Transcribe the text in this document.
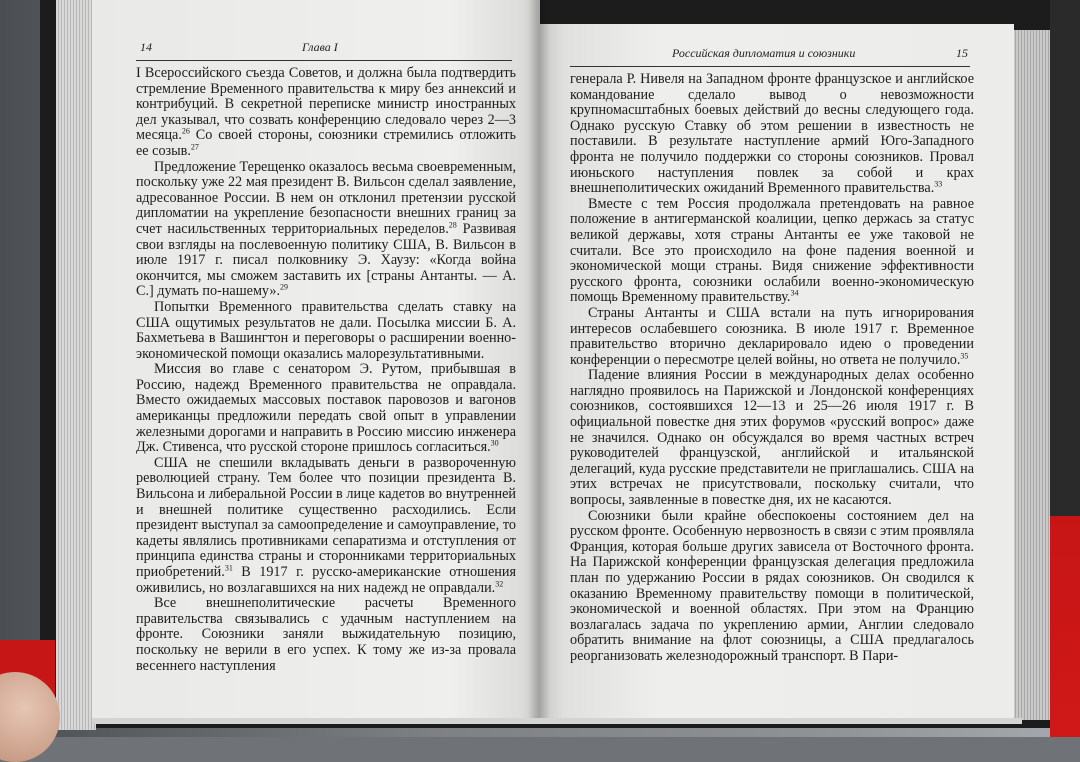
14	Глава I

I Всероссийского съезда Советов, и должна была подтвердить стремление Временного правительства к миру без аннексий и контрибуций. В секретной переписке министр иностранных дел указывал, что созвать конференцию следовало через 2—3 месяца.$^{26}$ Со своей стороны, союзники стремились отложить ее созыв.$^{27}$

Предложение Терещенко оказалось весьма своевременным, поскольку уже 22 мая президент В. Вильсон сделал заявление, адресованное России. В нем он отклонил претензии русской дипломатии на укрепление безопасности внешних границ за счет насильственных территориальных переделов.$^{28}$ Развивая свои взгляды на послевоенную политику США, В. Вильсон в июле 1917 г. писал полковнику Э. Хаузу: «Когда война окончится, мы сможем заставить их [страны Антанты. — А. С.] думать по-нашему».$^{29}$

Попытки Временного правительства сделать ставку на США ощутимых результатов не дали. Посылка миссии Б. А. Бахметьева в Вашингтон и переговоры о расширении военно-экономической помощи оказались малорезультативными.

Миссия во главе с сенатором Э. Рутом, прибывшая в Россию, надежд Временного правительства не оправдала. Вместо ожидаемых массовых поставок паровозов и вагонов американцы предложили передать свой опыт в управлении железными дорогами и направить в Россию миссию инженера Дж. Стивенса, что русской стороне пришлось согласиться.$^{30}$

США не спешили вкладывать деньги в развороченную революцией страну. Тем более что позиции президента В. Вильсона и либеральной России в лице кадетов во внутренней и внешней политике существенно расходились. Если президент выступал за самоопределение и самоуправление, то кадеты являлись противниками сепаратизма и отступления от принципа единства страны и сторонниками территориальных приобретений.$^{31}$ В 1917 г. русско-американские отношения оживились, но возлагавшихся на них надежд не оправдали.$^{32}$

Все внешнеполитические расчеты Временного правительства связывались с удачным наступлением на фронте. Союзники заняли выжидательную позицию, поскольку не верили в его успех. К тому же из-за провала весеннего наступления

Российская дипломатия и союзники	15

генерала Р. Нивеля на Западном фронте французское и английское командование сделало вывод о невозможности крупномасштабных боевых действий до весны следующего года. Однако русскую Ставку об этом решении в известность не поставили. В результате наступление армий Юго-Западного фронта не получило поддержки со стороны союзников. Провал июньского наступления повлек за собой и крах внешнеполитических ожиданий Временного правительства.$^{33}$

Вместе с тем Россия продолжала претендовать на равное положение в антигерманской коалиции, цепко держась за статус великой державы, хотя страны Антанты ее уже таковой не считали. Все это происходило на фоне падения военной и экономической мощи страны. Видя снижение эффективности русского фронта, союзники ослабили военно-экономическую помощь Временному правительству.$^{34}$

Страны Антанты и США встали на путь игнорирования интересов ослабевшего союзника. В июле 1917 г. Временное правительство вторично декларировало идею о проведении конференции о пересмотре целей войны, но ответа не получило.$^{35}$

Падение влияния России в международных делах особенно наглядно проявилось на Парижской и Лондонской конференциях союзников, состоявшихся 12—13 и 25—26 июля 1917 г. В официальной повестке дня этих форумов «русский вопрос» даже не значился. Однако он обсуждался во время частных встреч руководителей французской, английской и итальянской делегаций, куда русские представители не приглашались. США на этих встречах не присутствовали, поскольку считали, что вопросы, заявленные в повестке дня, их не касаются.

Союзники были крайне обеспокоены состоянием дел на русском фронте. Особенную нервозность в связи с этим проявляла Франция, которая больше других зависела от Восточного фронта. На Парижской конференции французская делегация предложила план по удержанию России в рядах союзников. Он сводился к оказанию Временному правительству помощи в политической, экономической и военной областях. При этом на Францию возлагалась задача по укреплению армии, Англии следовало обратить внимание на флот союзницы, а США предлагалось реорганизовать железнодорожный транспорт. В Пари-
